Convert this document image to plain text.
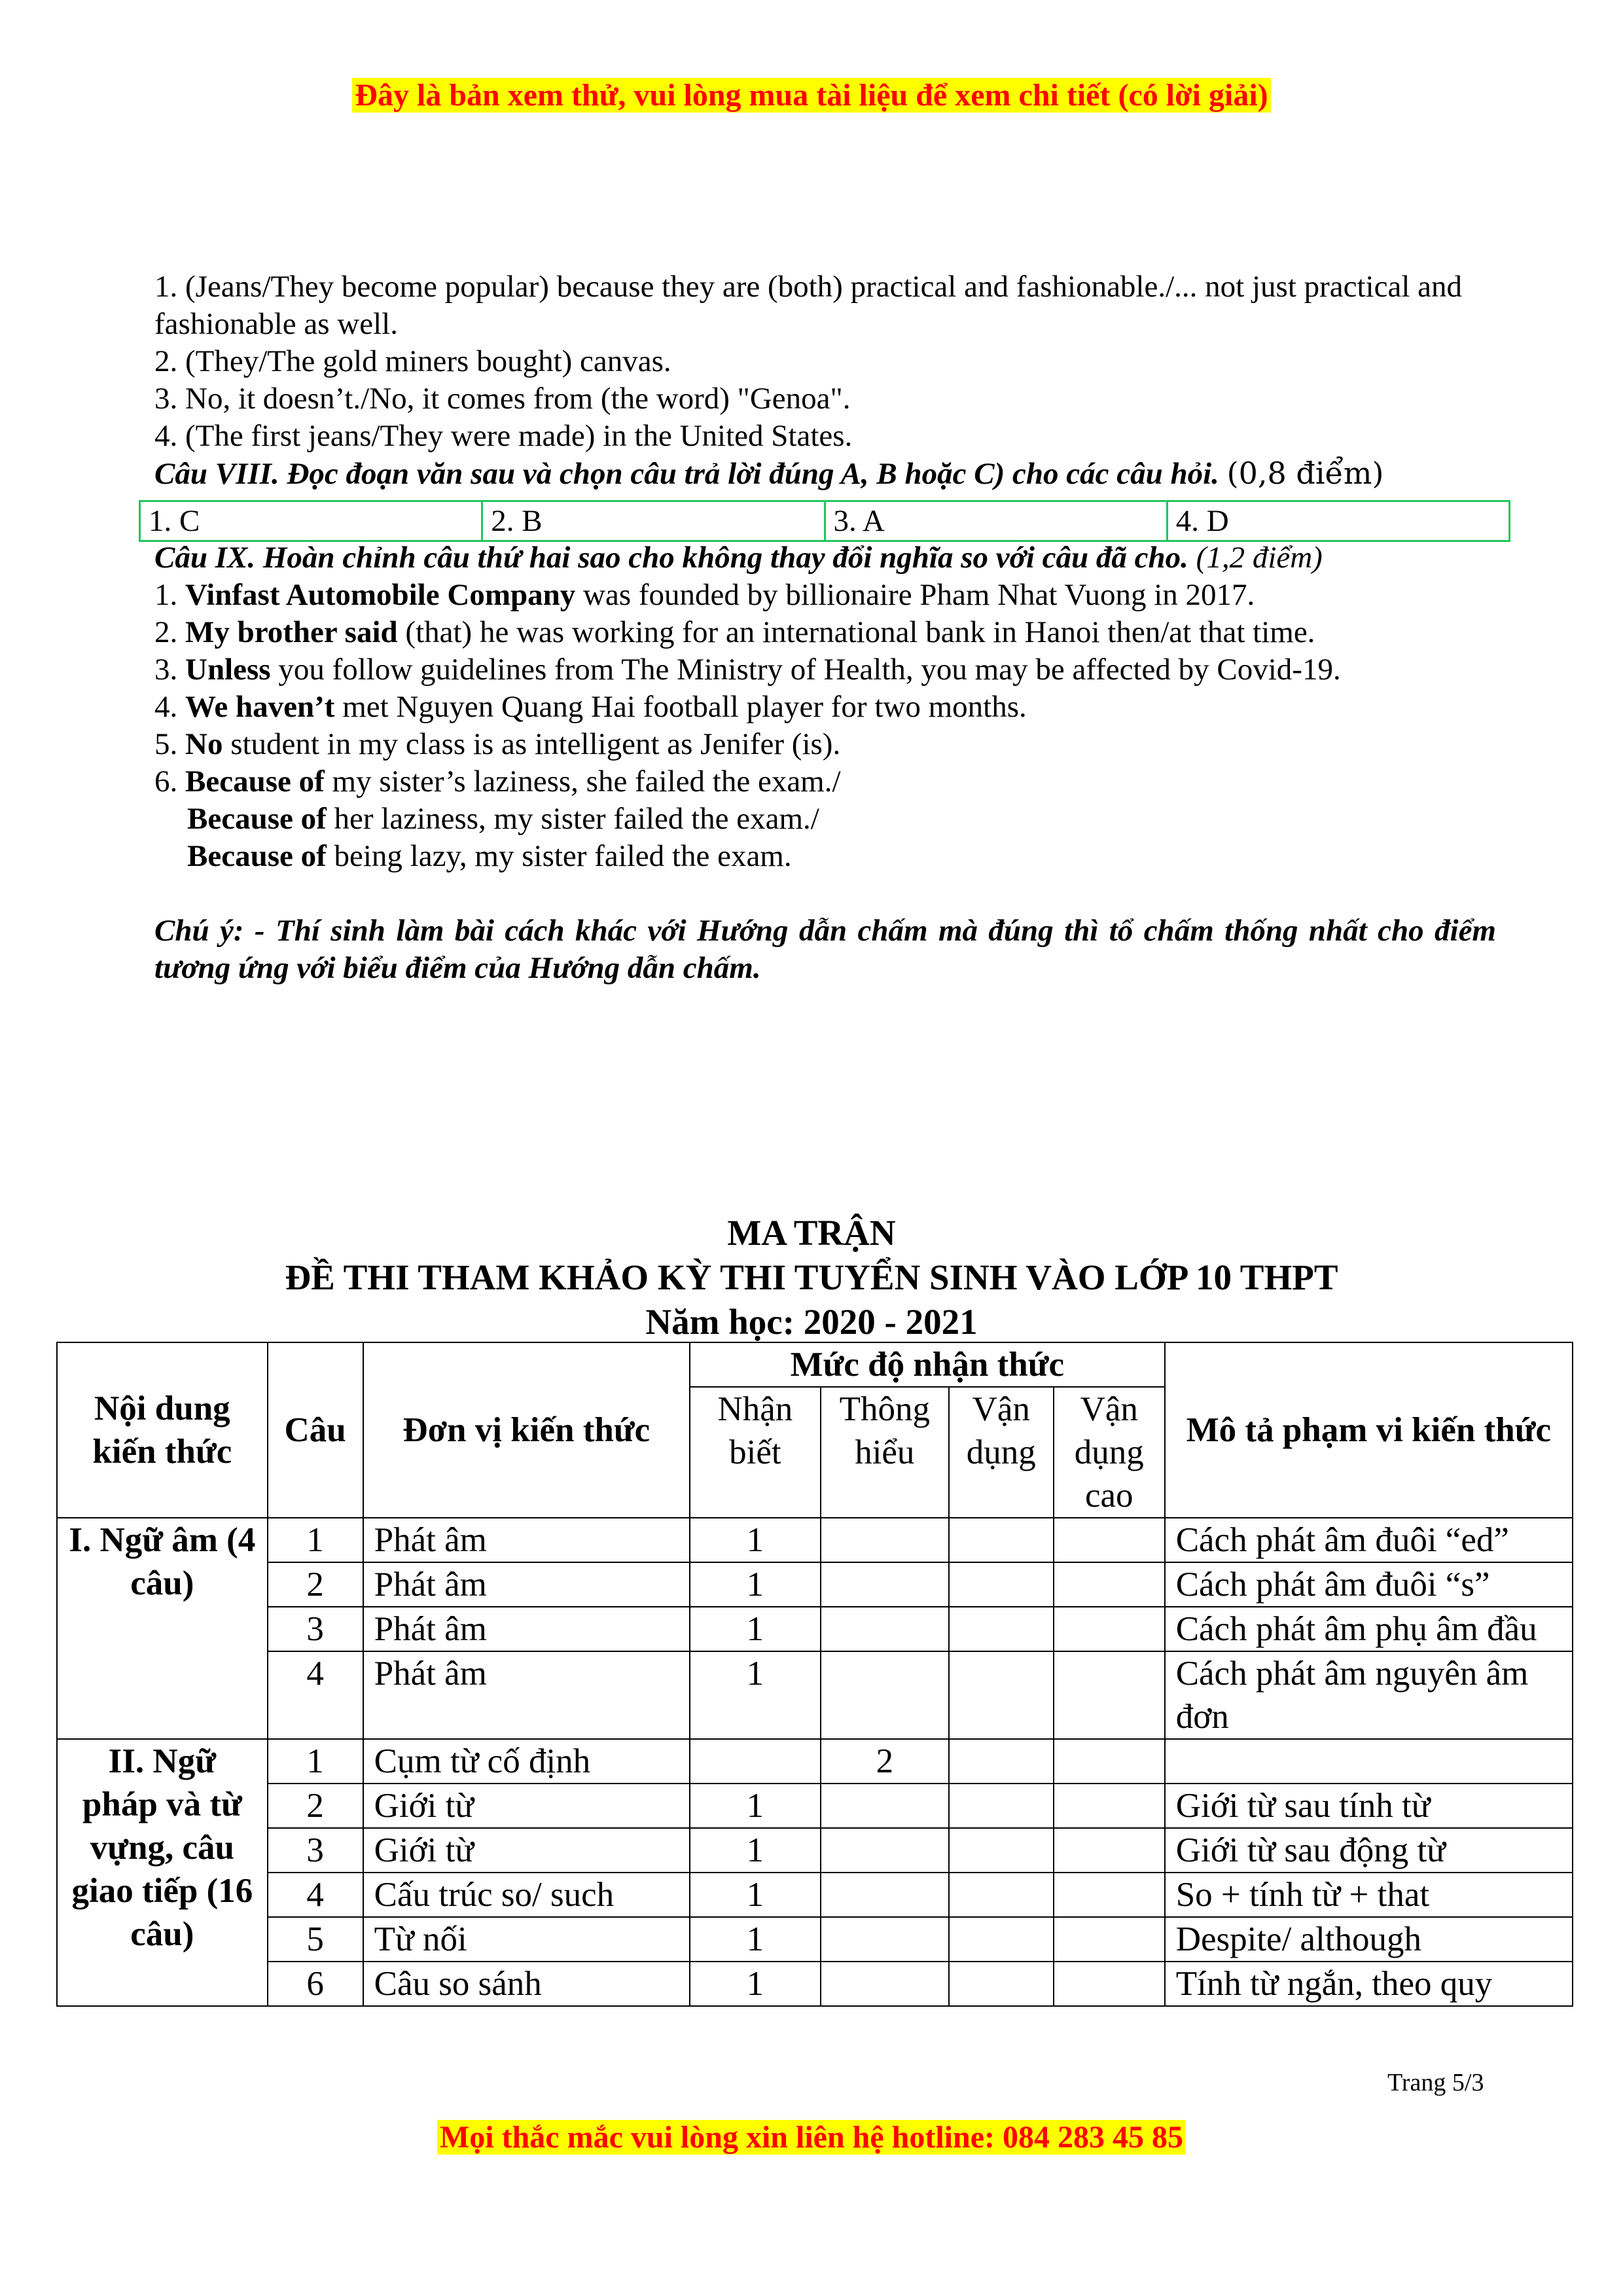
Đây là bản xem thử, vui lòng mua tài liệu để xem chi tiết (có lời giải)

1. (Jeans/They become popular) because they are (both) practical and fashionable./... not just practical and fashionable as well.

2. (They/The gold miners bought) canvas.

3. No, it doesn’t./No, it comes from (the word) "Genoa".

4. (The first jeans/They were made) in the United States.

Câu VIII. Đọc đoạn văn sau và chọn câu trả lời đúng A, B hoặc C) cho các câu hỏi. (0,8 điểm)

1. C	2. B	3. A	4. D

Câu IX. Hoàn chỉnh câu thứ hai sao cho không thay đổi nghĩa so với câu đã cho. (1,2 điểm)

1. Vinfast Automobile Company was founded by billionaire Pham Nhat Vuong in 2017.

2. My brother said (that) he was working for an international bank in Hanoi then/at that time.

3. Unless you follow guidelines from The Ministry of Health, you may be affected by Covid-19.

4. We haven’t met Nguyen Quang Hai football player for two months.

5. No student in my class is as intelligent as Jenifer (is).

6. Because of my sister’s laziness, she failed the exam./

Because of her laziness, my sister failed the exam./

Because of being lazy, my sister failed the exam.

Chú ý: - Thí sinh làm bài cách khác với Hướng dẫn chấm mà đúng thì tổ chấm thống nhất cho điểm tương ứng với biểu điểm của Hướng dẫn chấm.

MA TRẬN
ĐỀ THI THAM KHẢO KỲ THI TUYỂN SINH VÀO LỚP 10 THPT
Năm học: 2020 - 2021
Nội dung kiến thức	Câu	Đơn vị kiến thức	Mức độ nhận thức				Mô tả phạm vi kiến thức
			Nhận biết	Thông hiểu	Vận dụng	Vận dụng cao	
I. Ngữ âm (4 câu)	1	Phát âm	1				Cách phát âm đuôi “ed”
	2	Phát âm	1				Cách phát âm đuôi “s”
	3	Phát âm	1				Cách phát âm phụ âm đầu
	4	Phát âm	1				Cách phát âm nguyên âm đơn
II. Ngữ pháp và từ vựng, câu giao tiếp (16 câu)	1	Cụm từ cố định		2			
	2	Giới từ	1				Giới từ sau tính từ
	3	Giới từ	1				Giới từ sau động từ
	4	Cấu trúc so/ such	1				So + tính từ + that
	5	Từ nối	1				Despite/ although
	6	Câu so sánh	1				Tính từ ngắn, theo quy
Trang 5/3
Mọi thắc mắc vui lòng xin liên hệ hotline: 084 283 45 85
